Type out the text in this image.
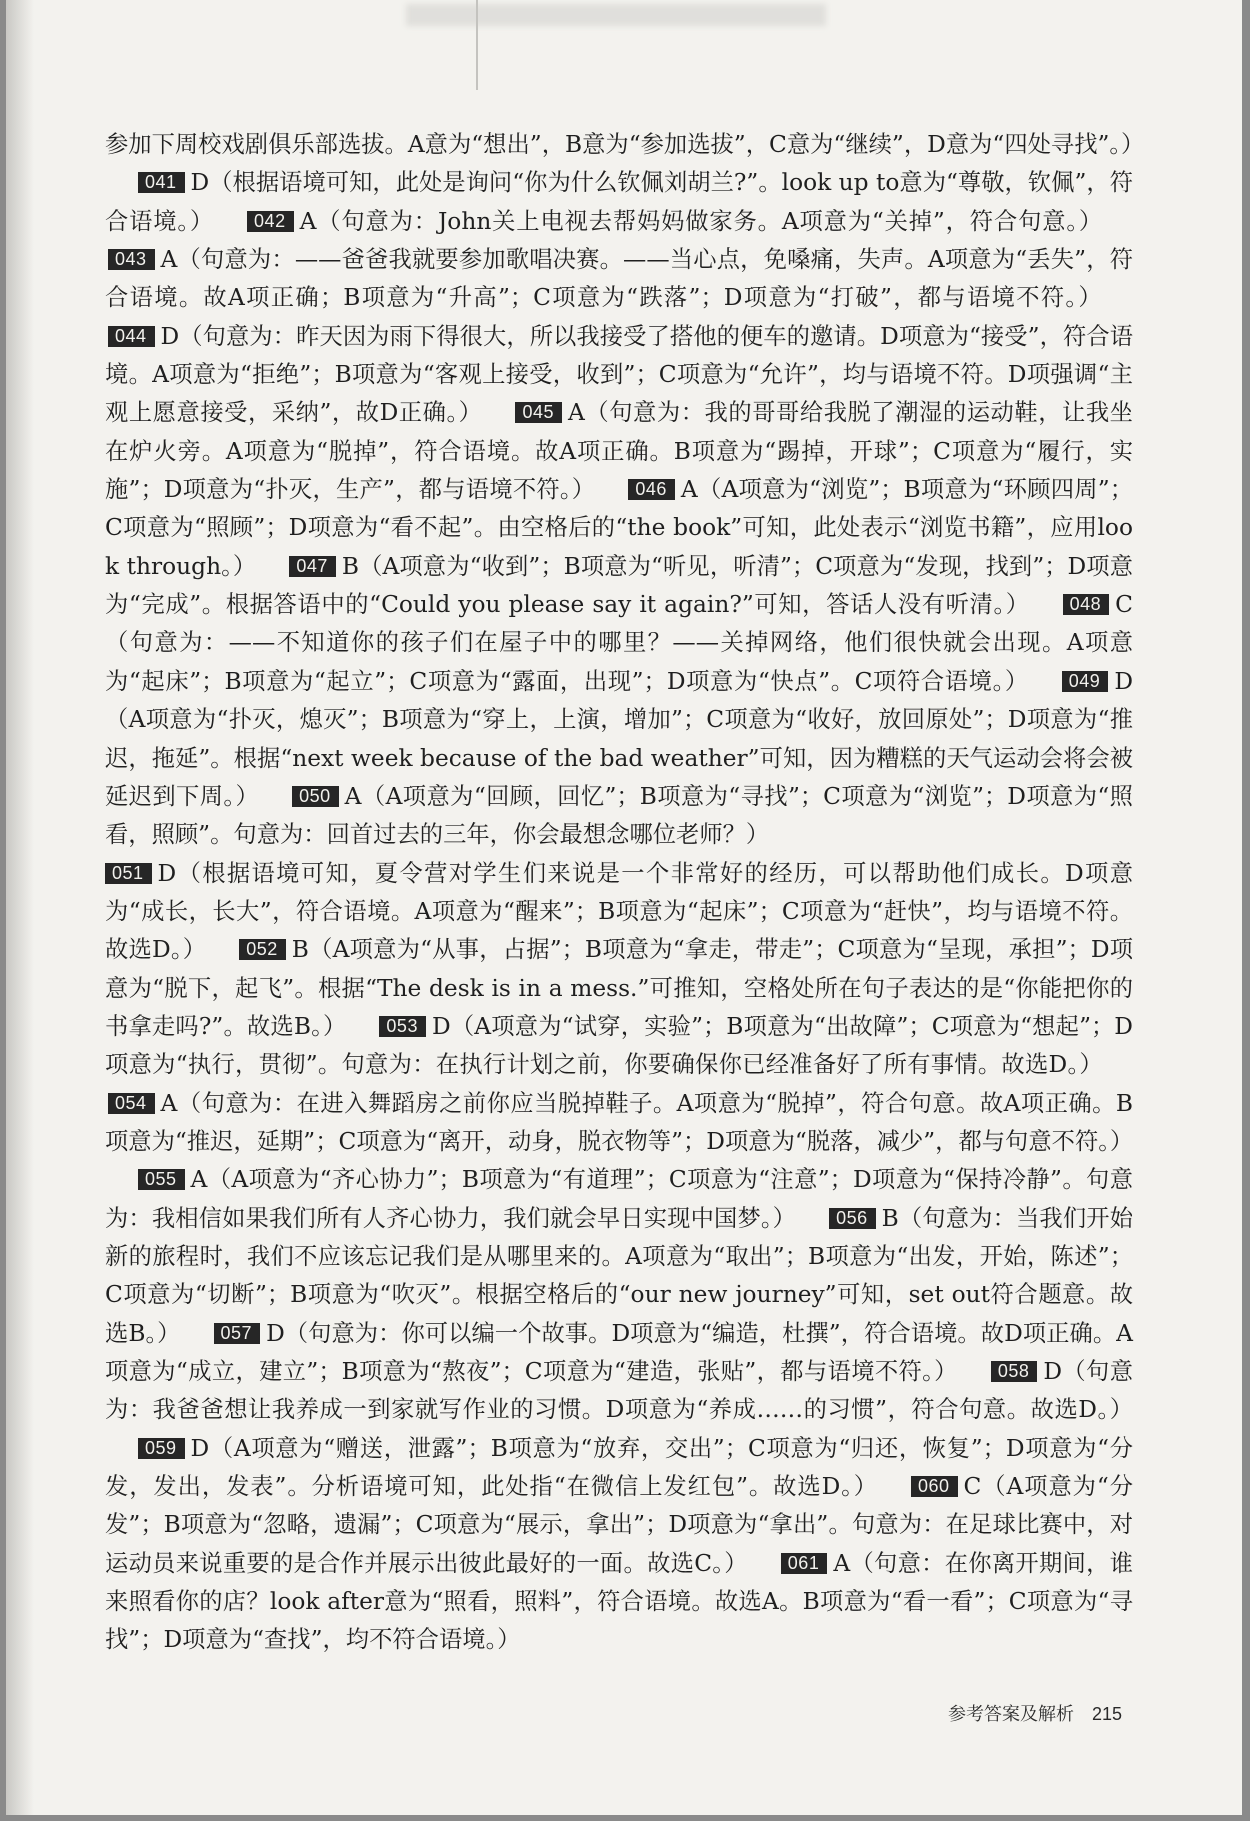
参加下周校戏剧俱乐部选拔。A意为“想出”，B意为“参加选拔”，C意为“继续”，D意为“四处寻找”。）041 D（根据语境可知，此处是询问“你为什么钦佩刘胡兰?”。look up to意为“尊敬，钦佩”，符合语境。） 042 A（句意为：John关上电视去帮妈妈做家务。A项意为“关掉”，符合句意。）043 A（句意为：——爸爸我就要参加歌唱决赛。——当心点，免嗓痛，失声。A项意为“丢失”，符合语境。故A项正确；B项意为“升高”；C项意为“跌落”；D项意为“打破”，都与语境不符。）044 D（句意为：昨天因为雨下得很大，所以我接受了搭他的便车的邀请。D项意为“接受”，符合语境。A项意为“拒绝”；B项意为“客观上接受，收到”；C项意为“允许”，均与语境不符。D项强调“主观上愿意接受，采纳”，故D正确。） 045 A（句意为：我的哥哥给我脱了潮湿的运动鞋，让我坐在炉火旁。A项意为“脱掉”，符合语境。故A项正确。B项意为“踢掉，开球”；C项意为“履行，实施”；D项意为“扑灭，生产”，都与语境不符。） 046 A（A项意为“浏览”；B项意为“环顾四周”；C项意为“照顾”；D项意为“看不起”。由空格后的“the book”可知，此处表示“浏览书籍”，应用look through。） 047 B（A项意为“收到”；B项意为“听见，听清”；C项意为“发现，找到”；D项意为“完成”。根据答语中的“Could you please say it again?”可知，答话人没有听清。） 048 C（句意为：——不知道你的孩子们在屋子中的哪里？——关掉网络，他们很快就会出现。A项意为“起床”；B项意为“起立”；C项意为“露面，出现”；D项意为“快点”。C项符合语境。） 049 D（A项意为“扑灭，熄灭”；B项意为“穿上，上演，增加”；C项意为“收好，放回原处”；D项意为“推迟，拖延”。根据“next week because of the bad weather”可知，因为糟糕的天气运动会将会被延迟到下周。） 050 A（A项意为“回顾，回忆”；B项意为“寻找”；C项意为“浏览”；D项意为“照看，照顾”。句意为：回首过去的三年，你会最想念哪位老师？）

051 D（根据语境可知，夏令营对学生们来说是一个非常好的经历，可以帮助他们成长。D项意为“成长，长大”，符合语境。A项意为“醒来”；B项意为“起床”；C项意为“赶快”，均与语境不符。故选D。） 052 B（A项意为“从事，占据”；B项意为“拿走，带走”；C项意为“呈现，承担”；D项意为“脱下，起飞”。根据“The desk is in a mess.”可推知，空格处所在句子表达的是“你能把你的书拿走吗?”。故选B。） 053 D（A项意为“试穿，实验”；B项意为“出故障”；C项意为“想起”；D项意为“执行，贯彻”。句意为：在执行计划之前，你要确保你已经准备好了所有事情。故选D。）054 A（句意为：在进入舞蹈房之前你应当脱掉鞋子。A项意为“脱掉”，符合句意。故A项正确。B项意为“推迟，延期”；C项意为“离开，动身，脱衣物等”；D项意为“脱落，减少”，都与句意不符。）055 A（A项意为“齐心协力”；B项意为“有道理”；C项意为“注意”；D项意为“保持冷静”。句意为：我相信如果我们所有人齐心协力，我们就会早日实现中国梦。） 056 B（句意为：当我们开始新的旅程时，我们不应该忘记我们是从哪里来的。A项意为“取出”；B项意为“出发，开始，陈述”；C项意为“切断”；B项意为“吹灭”。根据空格后的“our new journey”可知，set out符合题意。故选B。） 057 D（句意为：你可以编一个故事。D项意为“编造，杜撰”，符合语境。故D项正确。A项意为“成立，建立”；B项意为“熬夜”；C项意为“建造，张贴”，都与语境不符。） 058 D（句意为：我爸爸想让我养成一到家就写作业的习惯。D项意为“养成……的习惯”，符合句意。故选D。）059 D（A项意为“赠送，泄露”；B项意为“放弃，交出”；C项意为“归还，恢复”；D项意为“分发，发出，发表”。分析语境可知，此处指“在微信上发红包”。故选D。） 060 C（A项意为“分发”；B项意为“忽略，遗漏”；C项意为“展示，拿出”；D项意为“拿出”。句意为：在足球比赛中，对运动员来说重要的是合作并展示出彼此最好的一面。故选C。） 061 A（句意：在你离开期间，谁来照看你的店？look after意为“照看，照料”，符合语境。故选A。B项意为“看一看”；C项意为“寻找”；D项意为“查找”，均不符合语境。）

参考答案及解析 215
